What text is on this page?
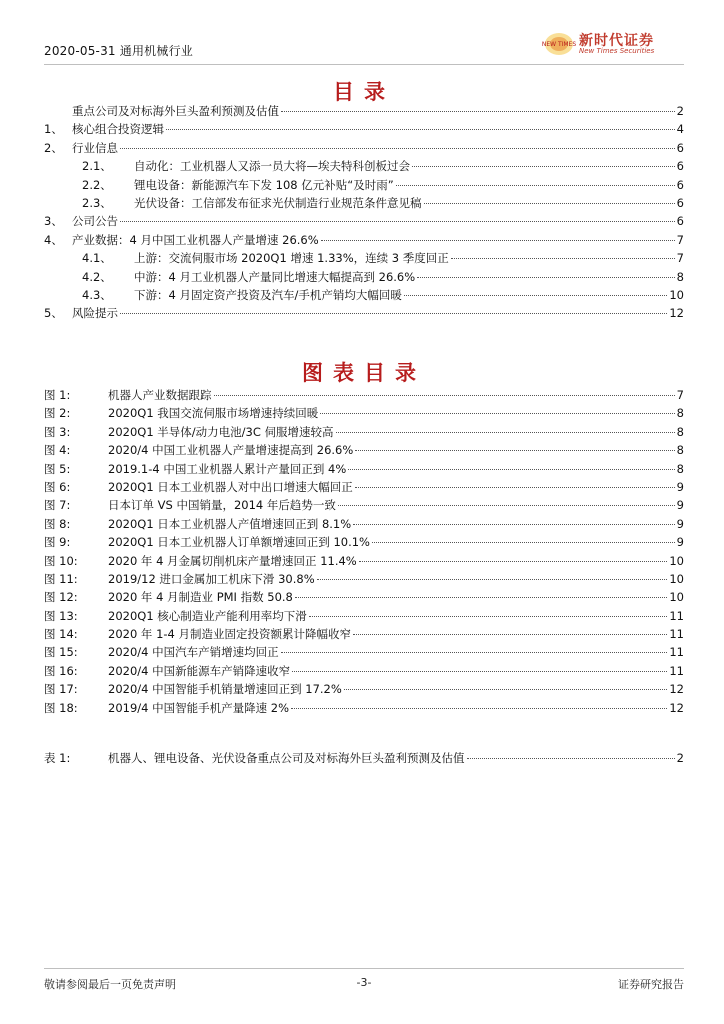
2020-05-31 通用机械行业	NEW TIMES 新时代证券
New Times Securities
目录
重点公司及对标海外巨头盈利预测及估值	2
1、 核心组合投资逻辑	4
2、 行业信息	6
2.1、	自动化：工业机器人又添一员大将—埃夫特科创板过会	6
2.2、	锂电设备：新能源汽车下发 108 亿元补贴“及时雨”	6
2.3、	光伏设备：工信部发布征求光伏制造行业规范条件意见稿	6
3、 公司公告	6
4、 产业数据：4 月中国工业机器人产量增速 26.6%	7
4.1、	上游：交流伺服市场 2020Q1 增速 1.33%，连续 3 季度回正	7
4.2、	中游：4 月工业机器人产量同比增速大幅提高到 26.6%	8
4.3、	下游：4 月固定资产投资及汽车/手机产销均大幅回暖	10
5、 风险提示	12
图表目录
图 1:	机器人产业数据跟踪	7
图 2:	2020Q1 我国交流伺服市场增速持续回暖	8
图 3:	2020Q1 半导体/动力电池/3C 伺服增速较高	8
图 4:	2020/4 中国工业机器人产量增速提高到 26.6%	8
图 5:	2019.1-4 中国工业机器人累计产量回正到 4%	8
图 6:	2020Q1 日本工业机器人对中出口增速大幅回正	9
图 7:	日本订单 VS 中国销量，2014 年后趋势一致	9
图 8:	2020Q1 日本工业机器人产值增速回正到 8.1%	9
图 9:	2020Q1 日本工业机器人订单额增速回正到 10.1%	9
图 10:	2020 年 4 月金属切削机床产量增速回正 11.4%	10
图 11:	2019/12 进口金属加工机床下滑 30.8%	10
图 12:	2020 年 4 月制造业 PMI 指数 50.8	10
图 13:	2020Q1 核心制造业产能利用率均下滑	11
图 14:	2020 年 1-4 月制造业固定投资额累计降幅收窄	11
图 15:	2020/4 中国汽车产销增速均回正	11
图 16:	2020/4 中国新能源车产销降速收窄	11
图 17:	2020/4 中国智能手机销量增速回正到 17.2%	12
图 18:	2019/4 中国智能手机产量降速 2%	12
表 1:	机器人、锂电设备、光伏设备重点公司及对标海外巨头盈利预测及估值	2
敬请参阅最后一页免责声明	-3-	证券研究报告
